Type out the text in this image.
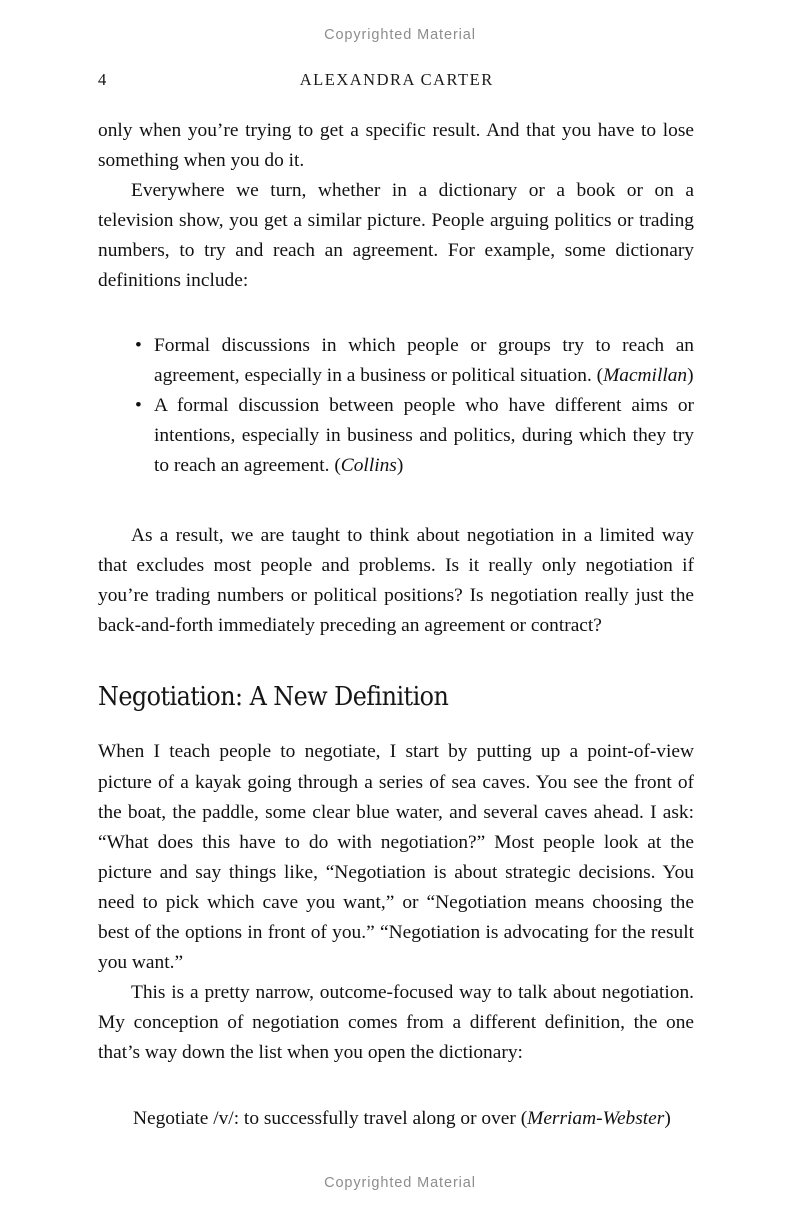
Copyrighted Material
4	ALEXANDRA CARTER

only when you’re trying to get a specific result. And that you have to lose something when you do it.

Everywhere we turn, whether in a dictionary or a book or on a television show, you get a similar picture. People arguing politics or trading numbers, to try and reach an agreement. For example, some dictionary definitions include:

• Formal discussions in which people or groups try to reach an agreement, especially in a business or political situation. (Macmillan)
• A formal discussion between people who have different aims or intentions, especially in business and politics, during which they try to reach an agreement. (Collins)

As a result, we are taught to think about negotiation in a limited way that excludes most people and problems. Is it really only negotiation if you’re trading numbers or political positions? Is negotiation really just the back-and-forth immediately preceding an agreement or contract?

Negotiation: A New Definition

When I teach people to negotiate, I start by putting up a point-of-view picture of a kayak going through a series of sea caves. You see the front of the boat, the paddle, some clear blue water, and several caves ahead. I ask: “What does this have to do with negotiation?” Most people look at the picture and say things like, “Negotiation is about strategic decisions. You need to pick which cave you want,” or “Negotiation means choosing the best of the options in front of you.” “Negotiation is advocating for the result you want.”

This is a pretty narrow, outcome-focused way to talk about negotiation. My conception of negotiation comes from a different definition, the one that’s way down the list when you open the dictionary:

Negotiate /v/: to successfully travel along or over (Merriam-Webster)

Copyrighted Material
